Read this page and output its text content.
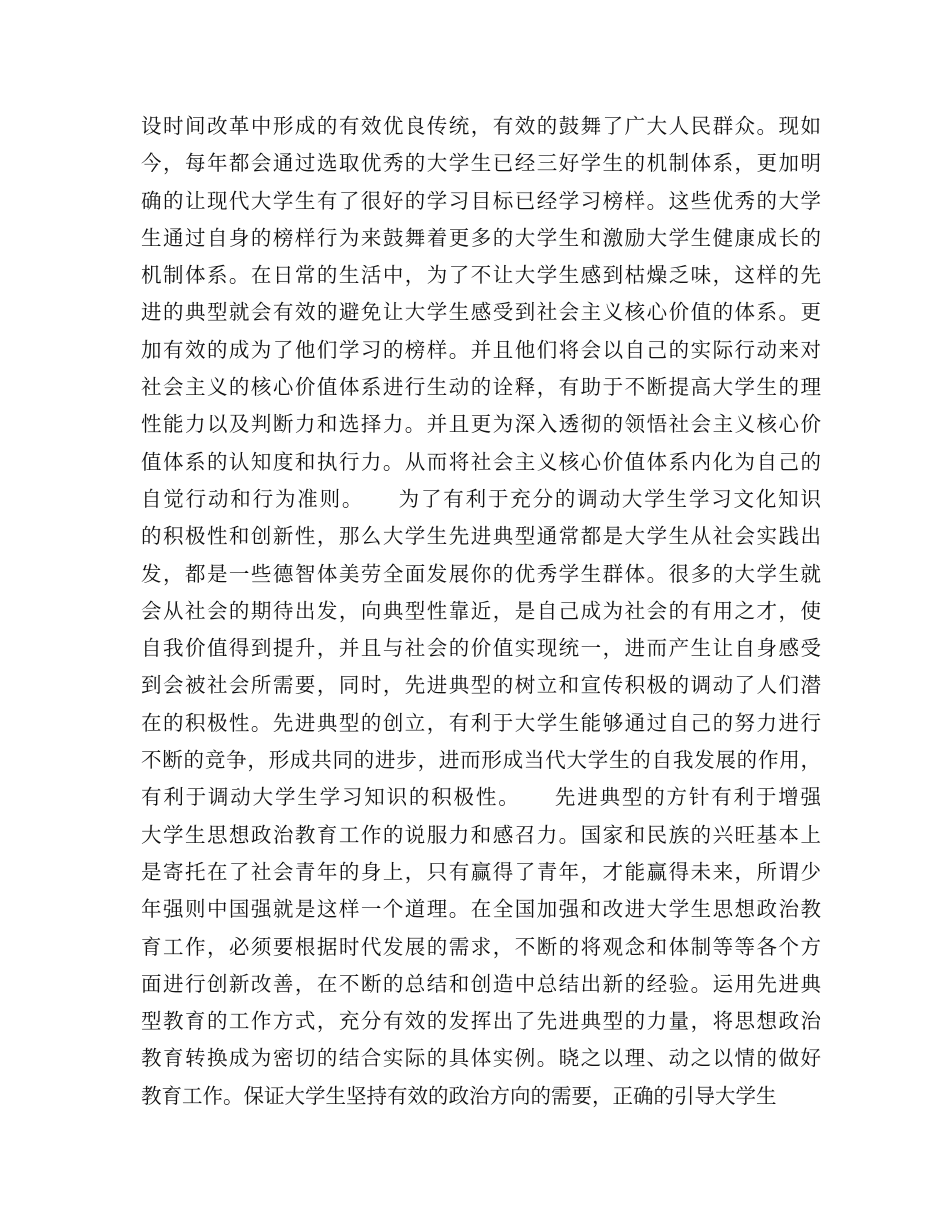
设时间改革中形成的有效优良传统，有效的鼓舞了广大人民群众。现如
今，每年都会通过选取优秀的大学生已经三好学生的机制体系，更加明
确的让现代大学生有了很好的学习目标已经学习榜样。这些优秀的大学
生通过自身的榜样行为来鼓舞着更多的大学生和激励大学生健康成长的
机制体系。在日常的生活中，为了不让大学生感到枯燥乏味，这样的先
进的典型就会有效的避免让大学生感受到社会主义核心价值的体系。更
加有效的成为了他们学习的榜样。并且他们将会以自己的实际行动来对
社会主义的核心价值体系进行生动的诠释，有助于不断提高大学生的理
性能力以及判断力和选择力。并且更为深入透彻的领悟社会主义核心价
值体系的认知度和执行力。从而将社会主义核心价值体系内化为自己的
自觉行动和行为准则。　　为了有利于充分的调动大学生学习文化知识
的积极性和创新性，那么大学生先进典型通常都是大学生从社会实践出
发，都是一些德智体美劳全面发展你的优秀学生群体。很多的大学生就
会从社会的期待出发，向典型性靠近，是自己成为社会的有用之才，使
自我价值得到提升，并且与社会的价值实现统一，进而产生让自身感受
到会被社会所需要，同时，先进典型的树立和宣传积极的调动了人们潜
在的积极性。先进典型的创立，有利于大学生能够通过自己的努力进行
不断的竞争，形成共同的进步，进而形成当代大学生的自我发展的作用，
有利于调动大学生学习知识的积极性。　　先进典型的方针有利于增强
大学生思想政治教育工作的说服力和感召力。国家和民族的兴旺基本上
是寄托在了社会青年的身上，只有赢得了青年，才能赢得未来，所谓少
年强则中国强就是这样一个道理。在全国加强和改进大学生思想政治教
育工作，必须要根据时代发展的需求，不断的将观念和体制等等各个方
面进行创新改善，在不断的总结和创造中总结出新的经验。运用先进典
型教育的工作方式，充分有效的发挥出了先进典型的力量，将思想政治
教育转换成为密切的结合实际的具体实例。晓之以理、动之以情的做好
教育工作。保证大学生坚持有效的政治方向的需要，正确的引导大学生
